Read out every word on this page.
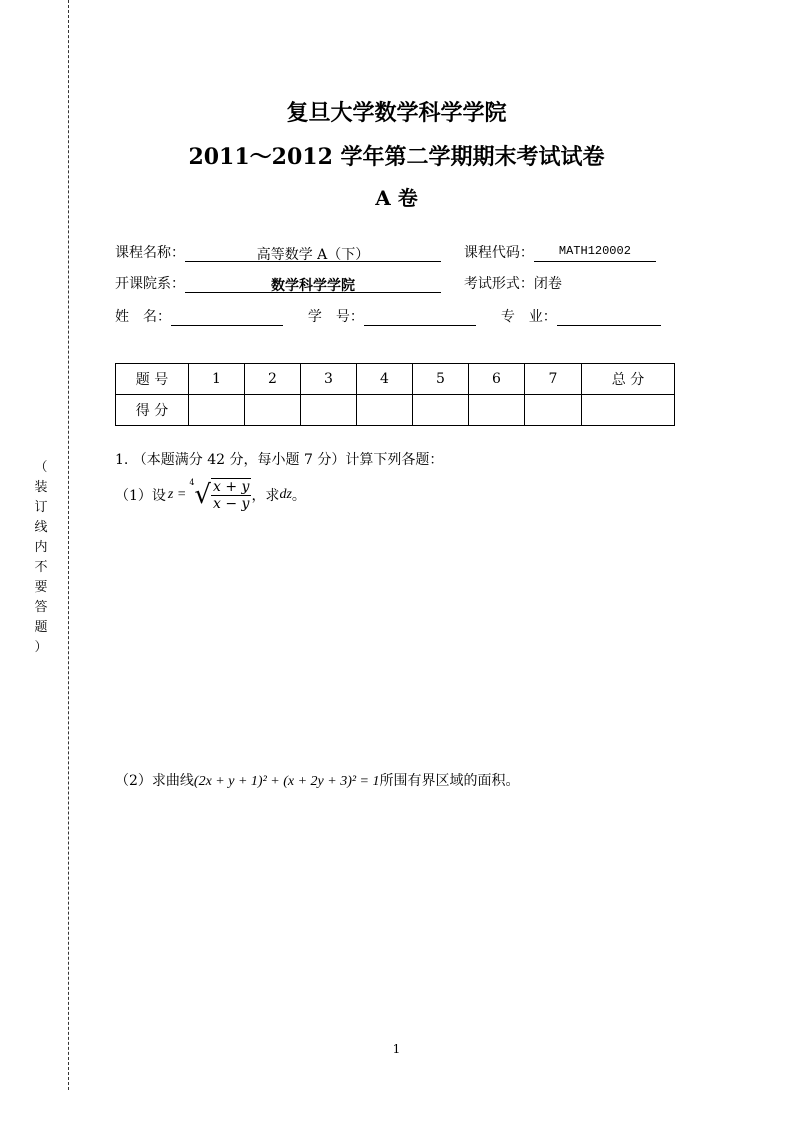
（
装
订
线
内
不
要
答
题
）
复旦大学数学科学学院
2011～2012 学年第二学期期末考试试卷
A 卷
课程名称：	高等数学 A（下）	课程代码： MATH120002
开课院系：	数学科学学院	考试形式：闭卷
姓　名：	学　号：	专　业：
题 号	1	2	3	4	5	6	7	总 分
得 分								
1. （本题满分 42 分，每小题 7 分）计算下列各题：
（1）设 z =
4 √ $\frac{x + y}{x - y}$ ，求 dz 。
（2）求曲线(2x + y + 1)² + (x + 2y + 3)² = 1所围有界区域的面积。
1
